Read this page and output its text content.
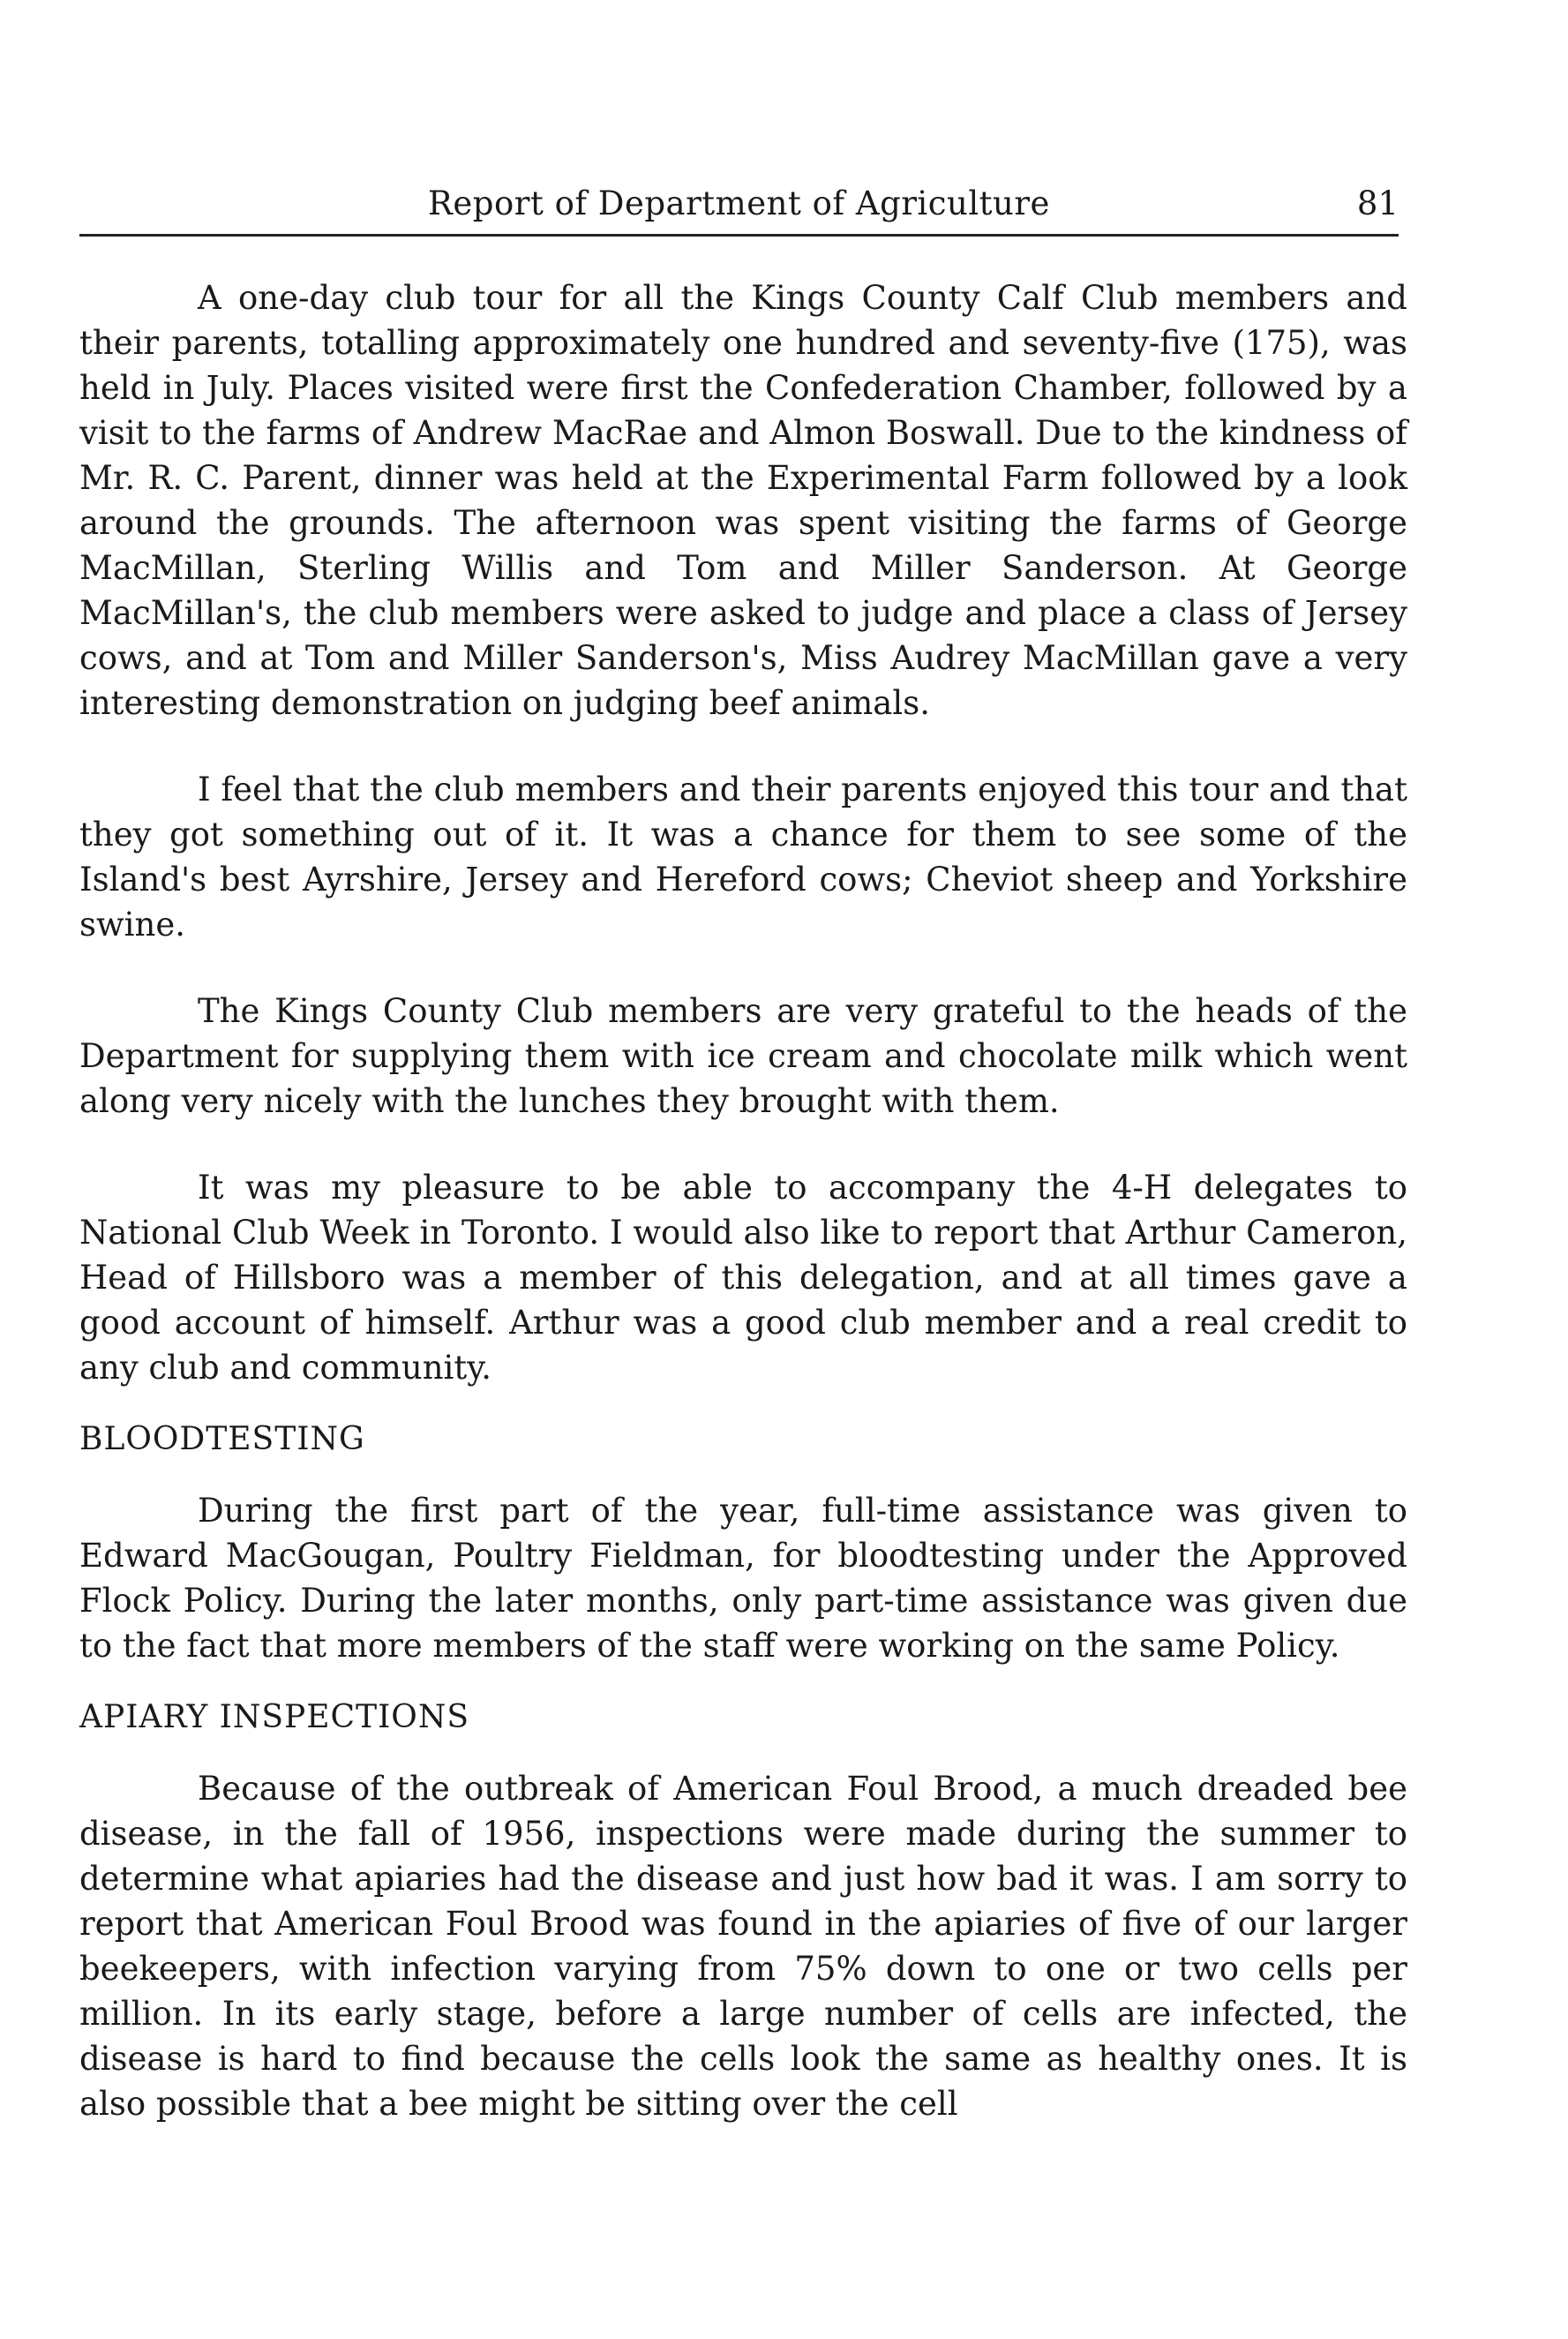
Report of Department of Agriculture	81

A one-day club tour for all the Kings County Calf Club members and their parents, totalling approximately one hundred and seventy-five (175), was held in July. Places visited were first the Confederation Chamber, followed by a visit to the farms of Andrew MacRae and Almon Boswall. Due to the kindness of Mr. R. C. Parent, dinner was held at the Experimental Farm followed by a look around the grounds. The afternoon was spent visiting the farms of George MacMillan, Sterling Willis and Tom and Miller Sanderson. At George MacMillan's, the club members were asked to judge and place a class of Jersey cows, and at Tom and Miller Sanderson's, Miss Audrey MacMillan gave a very interesting demonstration on judging beef animals.

I feel that the club members and their parents enjoyed this tour and that they got something out of it. It was a chance for them to see some of the Island's best Ayrshire, Jersey and Hereford cows; Cheviot sheep and Yorkshire swine.

The Kings County Club members are very grateful to the heads of the Department for supplying them with ice cream and chocolate milk which went along very nicely with the lunches they brought with them.

It was my pleasure to be able to accompany the 4-H delegates to National Club Week in Toronto. I would also like to report that Arthur Cameron, Head of Hillsboro was a member of this delegation, and at all times gave a good account of himself. Arthur was a good club member and a real credit to any club and community.

BLOODTESTING

During the first part of the year, full-time assistance was given to Edward MacGougan, Poultry Fieldman, for bloodtesting under the Approved Flock Policy. During the later months, only part-time assistance was given due to the fact that more members of the staff were working on the same Policy.

APIARY INSPECTIONS

Because of the outbreak of American Foul Brood, a much dreaded bee disease, in the fall of 1956, inspections were made during the summer to determine what apiaries had the disease and just how bad it was. I am sorry to report that American Foul Brood was found in the apiaries of five of our larger beekeepers, with infection varying from 75% down to one or two cells per million. In its early stage, before a large number of cells are infected, the disease is hard to find because the cells look the same as healthy ones. It is also possible that a bee might be sitting over the cell
